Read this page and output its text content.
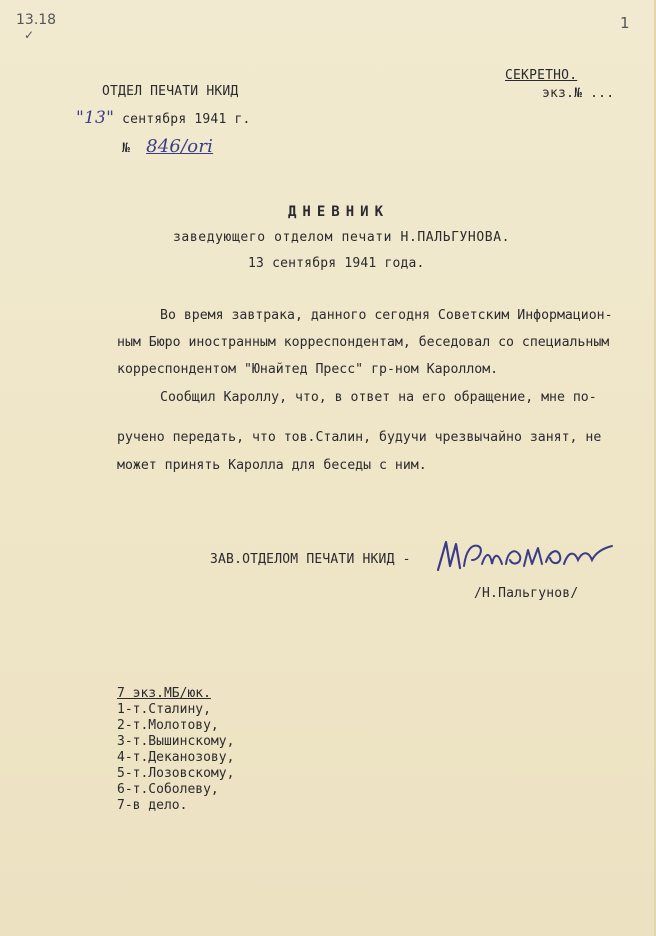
13.18
✓
1
ОТДЕЛ ПЕЧАТИ НКИД
"13" сентября 1941 г.
№ 846/ori
СЕКРЕТНО.
экз.№ ...
ДНЕВНИК
заведующего отделом печати Н.ПАЛЬГУНОВА.
13 сентября 1941 года.
Во время завтрака, данного сегодня Советским Информацион-
ным Бюро иностранным корреспондентам, беседовал со специальным
корреспондентом "Юнайтед Пресс" гр-ном Кароллом.
Сообщил Кароллу, что, в ответ на его обращение, мне по-
ручено передать, что тов.Сталин, будучи чрезвычайно занят, не
может принять Каролла для беседы с ним.
ЗАВ.ОТДЕЛОМ ПЕЧАТИ НКИД -
/Н.Пальгунов/
7 экз.МБ/юк.
1-т.Сталину,
2-т.Молотову,
3-т.Вышинскому,
4-т.Деканозову,
5-т.Лозовскому,
6-т.Соболеву,
7-в дело.
